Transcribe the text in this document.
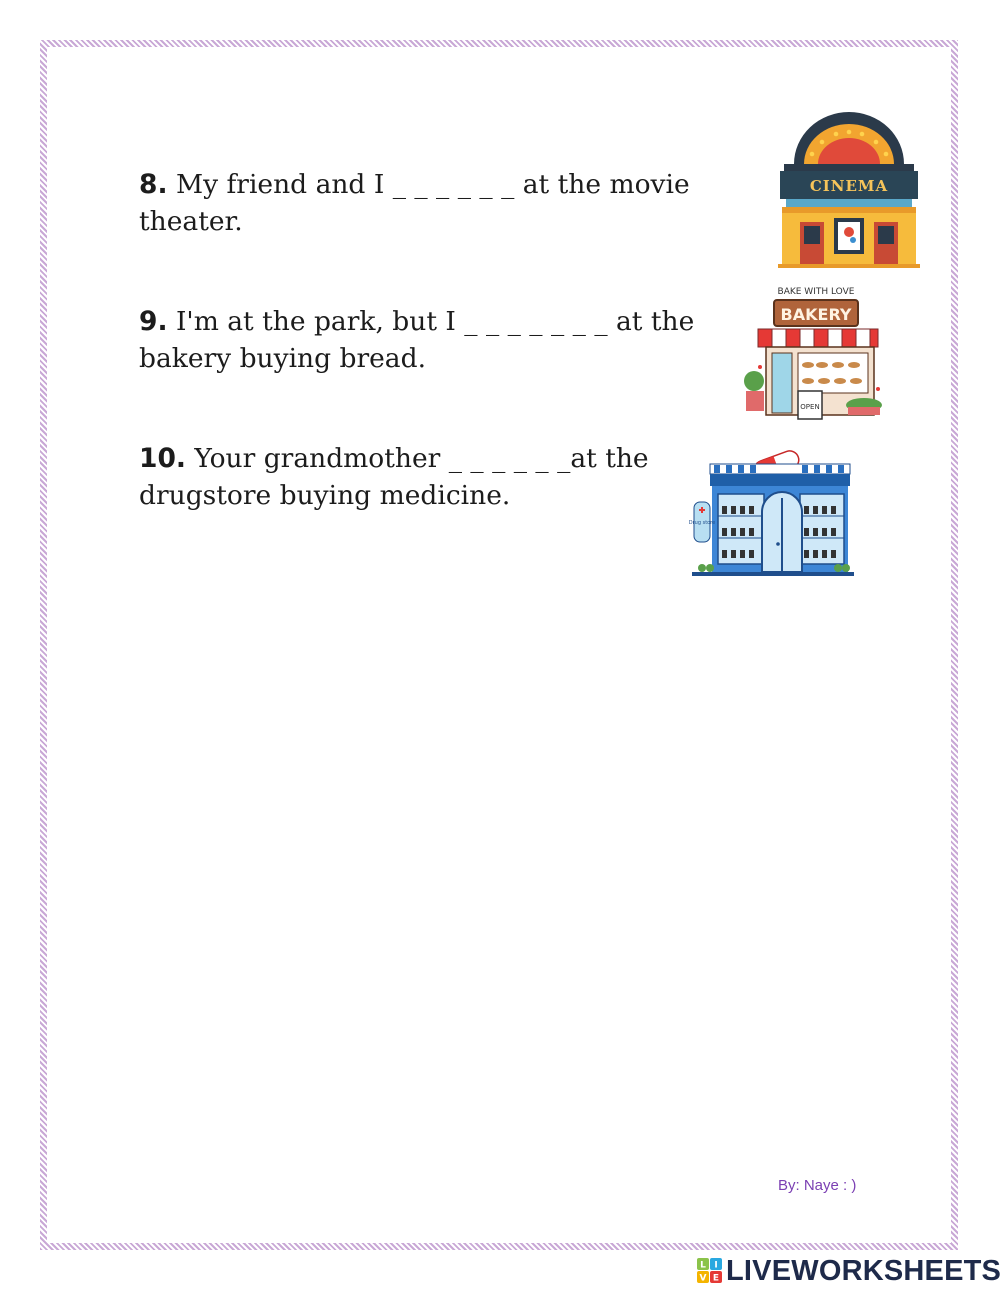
8. My friend and I _ _ _ _ _ _ at the movie theater.
9. I'm at the park, but I _ _ _ _ _ _ _ at the bakery buying bread.
10. Your grandmother _ _ _ _ _ _at the drugstore buying medicine.
CINEMA
BAKE WITH LOVE
BAKERY
OPEN
Drug store
By: Naye : )
L I
V E LIVEWORKSHEETS
